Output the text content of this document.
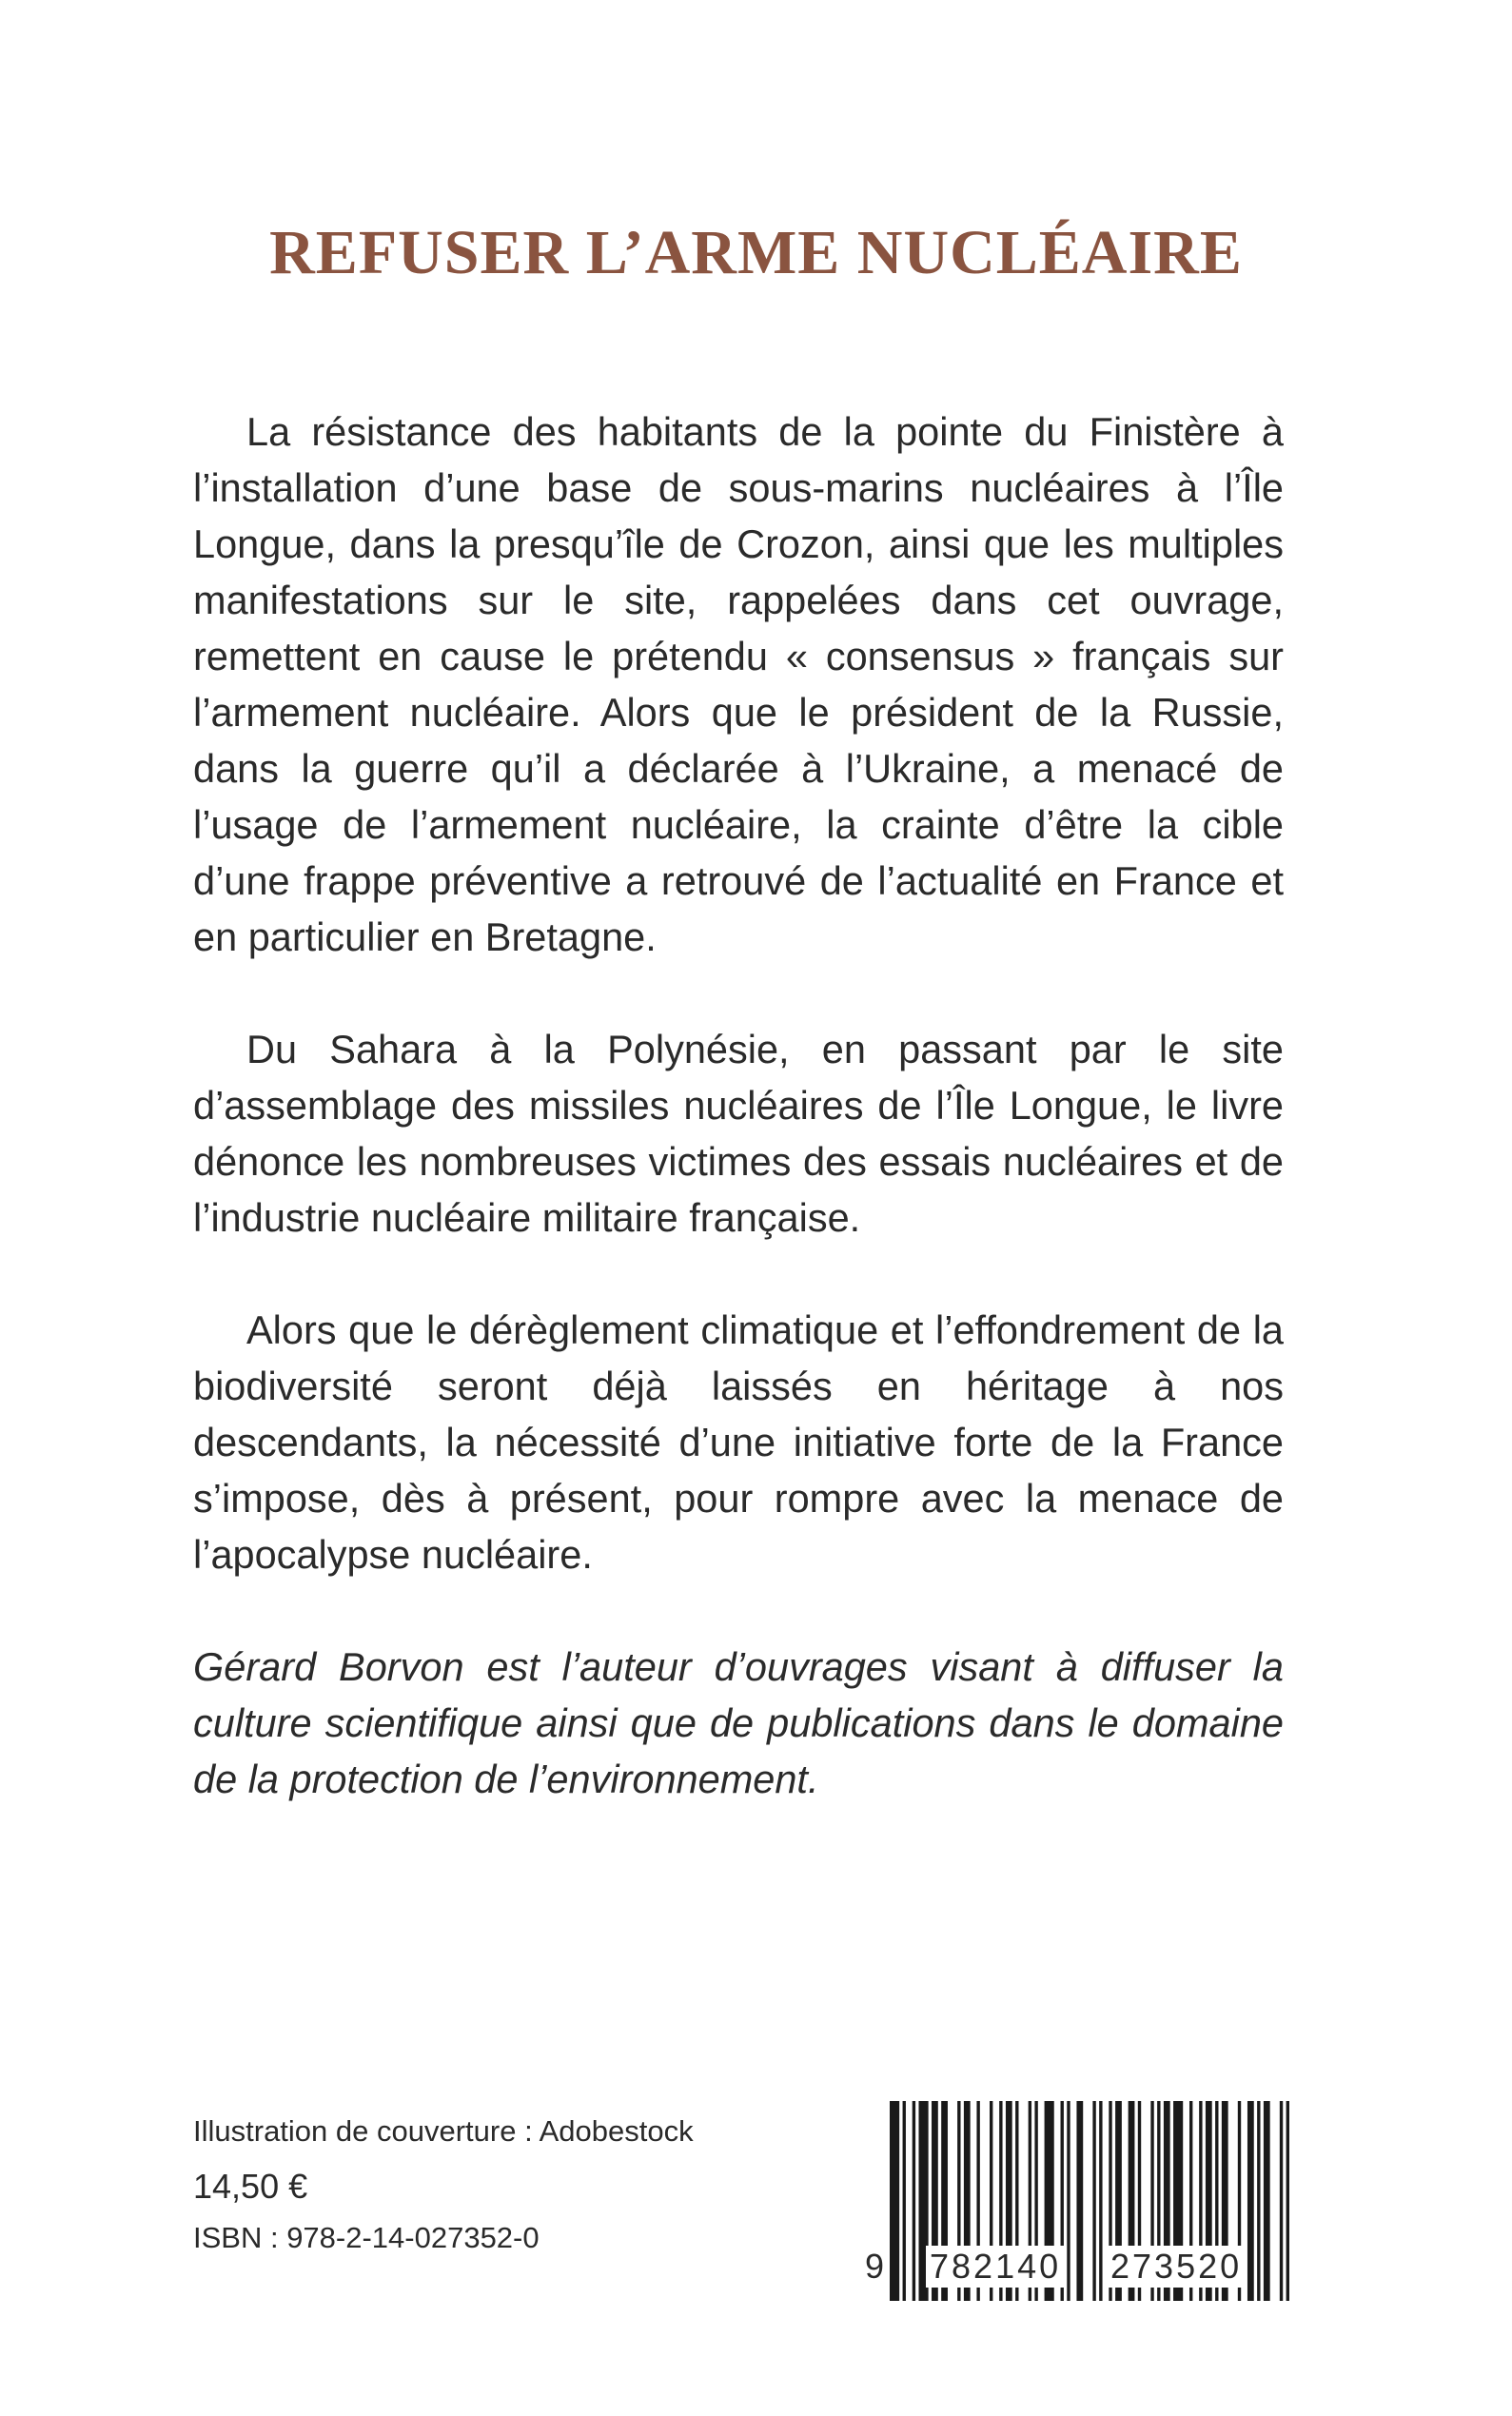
REFUSER L’ARME NUCLÉAIRE

La résistance des habitants de la pointe du Finistère à l’installation d’une base de sous-marins nucléaires à l’Île Longue, dans la presqu’île de Crozon, ainsi que les multiples manifestations sur le site, rappelées dans cet ouvrage, remettent en cause le prétendu « consensus » français sur l’armement nucléaire. Alors que le président de la Russie, dans la guerre qu’il a déclarée à l’Ukraine, a menacé de l’usage de l’armement nucléaire, la crainte d’être la cible d’une frappe préventive a retrouvé de l’actualité en France et en particulier en Bretagne.

Du Sahara à la Polynésie, en passant par le site d’assemblage des missiles nucléaires de l’Île Longue, le livre dénonce les nombreuses victimes des essais nucléaires et de l’industrie nucléaire militaire française.

Alors que le dérèglement climatique et l’effondrement de la biodiversité seront déjà laissés en héritage à nos descendants, la nécessité d’une initiative forte de la France s’impose, dès à présent, pour rompre avec la menace de l’apocalypse nucléaire.

Gérard Borvon est l’auteur d’ouvrages visant à diffuser la culture scientifique ainsi que de publications dans le domaine de la protection de l’environnement.

Illustration de couverture : Adobestock
14,50 €
ISBN : 978-2-14-027352-0
9 782140 273520
